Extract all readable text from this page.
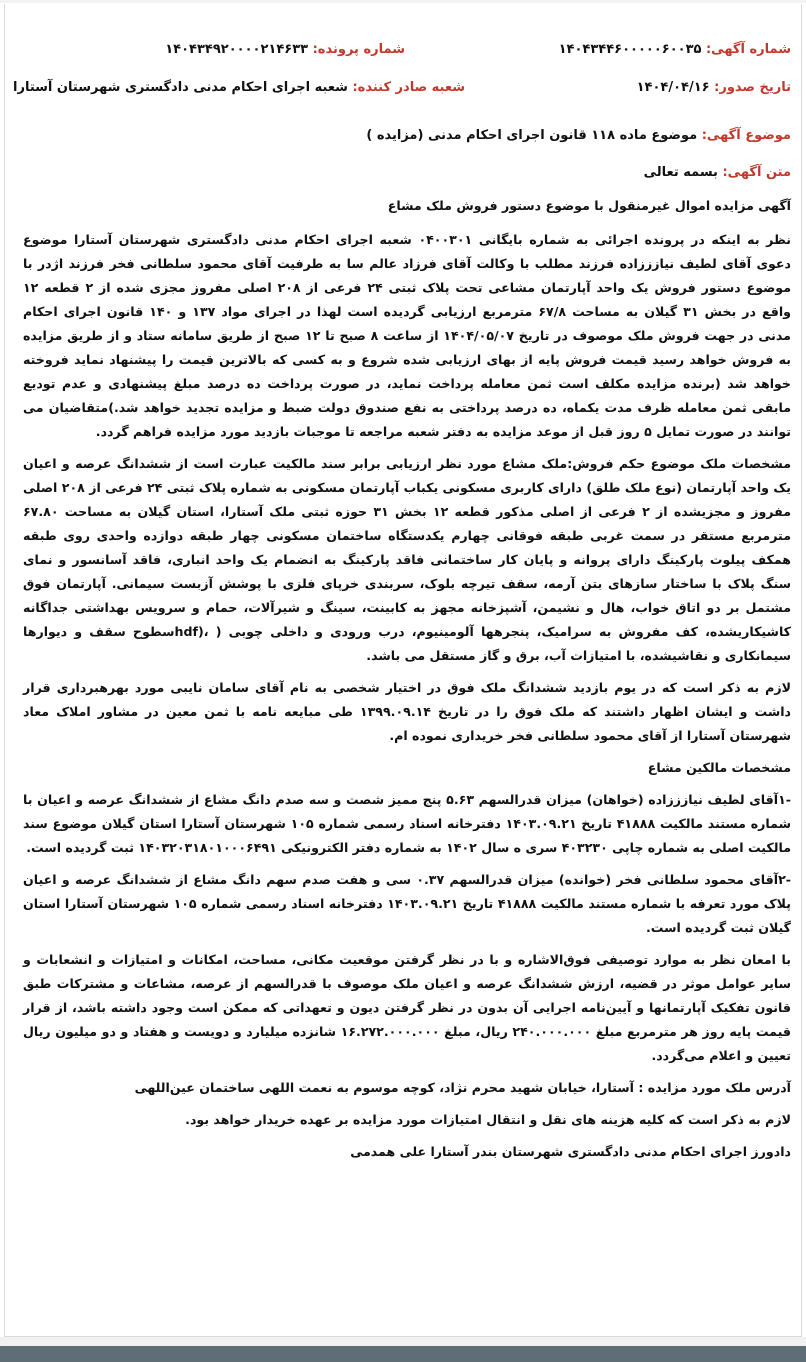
شماره آگهی: ۱۴۰۴۳۴۴۶۰۰۰۰۰۶۰۰۳۵
شماره پرونده: ۱۴۰۴۳۴۹۲۰۰۰۰۲۱۴۶۳۳
تاریخ صدور: ۱۴۰۴/۰۴/۱۶
شعبه صادر کننده: شعبه اجرای احکام مدنی دادگستری شهرستان آستارا
موضوع آگهی: موضوع ماده ۱۱۸ قانون اجرای احکام مدنی (مزایده )
متن آگهی: بسمه تعالی

آگهی مزایده اموال غیرمنقول با موضوع دستور فروش ملک مشاع

نظر به اینکه در پرونده اجرائی به شماره بایگانی ۰۴۰۰۳۰۱ شعبه اجرای احکام مدنی دادگستری شهرستان آستارا موضوع دعوی آقای لطیف نیازززاده فرزند مطلب با وکالت آقای فرزاد عالم سا به طرفیت آقای محمود سلطانی فخر فرزند اژدر با موضوع دستور فروش یک واحد آپارتمان مشاعی تحت پلاک ثبتی ۲۴ فرعی از ۲۰۸ اصلی مفروز مجزی شده از ۲ قطعه ۱۲ واقع در بخش ۳۱ گیلان به مساحت ۶۷/۸ مترمربع ارزیابی گردیده است لهذا در اجرای مواد ۱۳۷ و ۱۴۰ قانون اجرای احکام مدنی در جهت فروش ملک موصوف در تاریخ ۱۴۰۴/۰۵/۰۷ از ساعت ۸ صبح تا ۱۲ صبح از طریق سامانه ستاد و از طریق مزایده به فروش خواهد رسید قیمت فروش پایه از بهای ارزیابی شده شروع و به کسی که بالاترین قیمت را پیشنهاد نماید فروخته خواهد شد (برنده مزایده مکلف است ثمن معامله پرداخت نماید، در صورت پرداخت ده درصد مبلغ پیشنهادی و عدم توديع مابقی ثمن معامله ظرف مدت یکماه، ده درصد پرداختی به نفع صندوق دولت ضبط و مزایده تجدید خواهد شد.)متقاضیان می توانند در صورت تمایل ۵ روز قبل از موعد مزایده به دفتر شعبه مراجعه تا موجبات بازدید مورد مزایده فراهم گردد.

مشخصات ملک موضوع حکم فروش:ملک مشاع مورد نظر ارزیابی برابر سند مالکیت عبارت است از ششدانگ عرصه و اعیان یک واحد آپارتمان (نوع ملک طلق) دارای کاربری مسکونی یکباب آپارتمان مسکونی به شماره پلاک ثبتی ۲۴ فرعی از ۲۰۸ اصلی مفروز و مجزیشده از ۲ فرعی از اصلی مذکور قطعه ۱۲ بخش ۳۱ حوزه ثبتی ملک آستارا، استان گیلان به مساحت ۶۷.۸۰ مترمربع مستقر در سمت غربی طبقه فوقانی چهارم یکدستگاه ساختمان مسکونی چهار طبقه دوازده واحدی روی طبقه همکف پیلوت پارکینگ دارای پروانه و پایان کار ساختمانی فاقد پارکینگ به انضمام یک واحد انباری، فاقد آسانسور و نمای سنگ پلاک با ساختار سازهای بتن آرمه، سقف تیرچه بلوک، سربندی خرپای فلزی با پوشش آزبست سیمانی. آپارتمان فوق مشتمل بر دو اتاق خواب، هال و نشیمن، آشپزخانه مجهز به کابینت، سینگ و شیرآلات، حمام و سرویس بهداشتی جداگانه کاشیکاریشده، کف مفروش به سرامیک، پنجرهها آلومینیوم، درب ورودی و داخلی چوبی ( ،(hdfسطوح سقف و دیوارها سیمانکاری و نقاشیشده، با امتیازات آب، برق و گاز مستقل می باشد.

لازم به ذکر است که در یوم بازدید ششدانگ ملک فوق در اختیار شخصی به نام آقای سامان نایبی مورد بهرهبرداری قرار داشت و ایشان اظهار داشتند که ملک فوق را در تاریخ ۱۳۹۹.۰۹.۱۴ طی مبایعه نامه با ثمن معین در مشاور املاک معاد شهرستان آستارا از آقای محمود سلطانی فخر خریداری نموده ام.

مشخصات مالکین مشاع

-۱آقای لطیف نیازززاده (خواهان) میزان قدرالسهم ۵.۶۳ پنج ممیز شصت و سه صدم دانگ مشاع از ششدانگ عرصه و اعیان با شماره مستند مالکیت ۴۱۸۸۸ تاریخ ۱۴۰۳.۰۹.۲۱ دفترخانه اسناد رسمی شماره ۱۰۵ شهرستان آستارا استان گیلان موضوع سند مالکیت اصلی به شماره چاپی ۴۰۳۲۳۰ سری ه سال ۱۴۰۲ به شماره دفتر الکترونیکی ۱۴۰۳۲۰۳۱۸۰۱۰۰۰۶۴۹۱ ثبت گردیده است.

-۲آقای محمود سلطانی فخر (خوانده) میزان قدرالسهم ۰.۳۷ سی و هفت صدم سهم دانگ مشاع از ششدانگ عرصه و اعیان پلاک مورد تعرفه با شماره مستند مالکیت ۴۱۸۸۸ تاریخ ۱۴۰۳.۰۹.۲۱ دفترخانه اسناد رسمی شماره ۱۰۵ شهرستان آستارا استان گیلان ثبت گردیده است.

با امعان نظر به موارد توصیفی فوق‌الاشاره و با در نظر گرفتن موقعیت مکانی، مساحت، امکانات و امتیازات و انشعابات و سایر عوامل موثر در قضیه، ارزش ششدانگ عرصه و اعیان ملک موصوف با قدرالسهم از عرصه، مشاعات و مشترکات طبق قانون تفکیک آپارتمانها و آیین‌نامه اجرایی آن بدون در نظر گرفتن دیون و تعهداتی که ممکن است وجود داشته باشد، از قرار قیمت پایه روز هر مترمربع مبلغ ۲۴۰.۰۰۰.۰۰۰ ریال، مبلغ ۱۶.۲۷۲.۰۰۰.۰۰۰ شانزده میلیارد و دویست و هفتاد و دو میلیون ریال تعیین و اعلام می‌گردد.

آدرس ملک مورد مزایده : آستارا، خیابان شهید محرم نژاد، کوچه موسوم به نعمت اللهی ساختمان عین‌اللهی

لازم به ذکر است که کلیه هزینه های نقل و انتقال امتیازات مورد مزایده بر عهده خریدار خواهد بود.

دادورز اجرای احکام مدنی دادگستری شهرستان بندر آستارا علی همدمی
